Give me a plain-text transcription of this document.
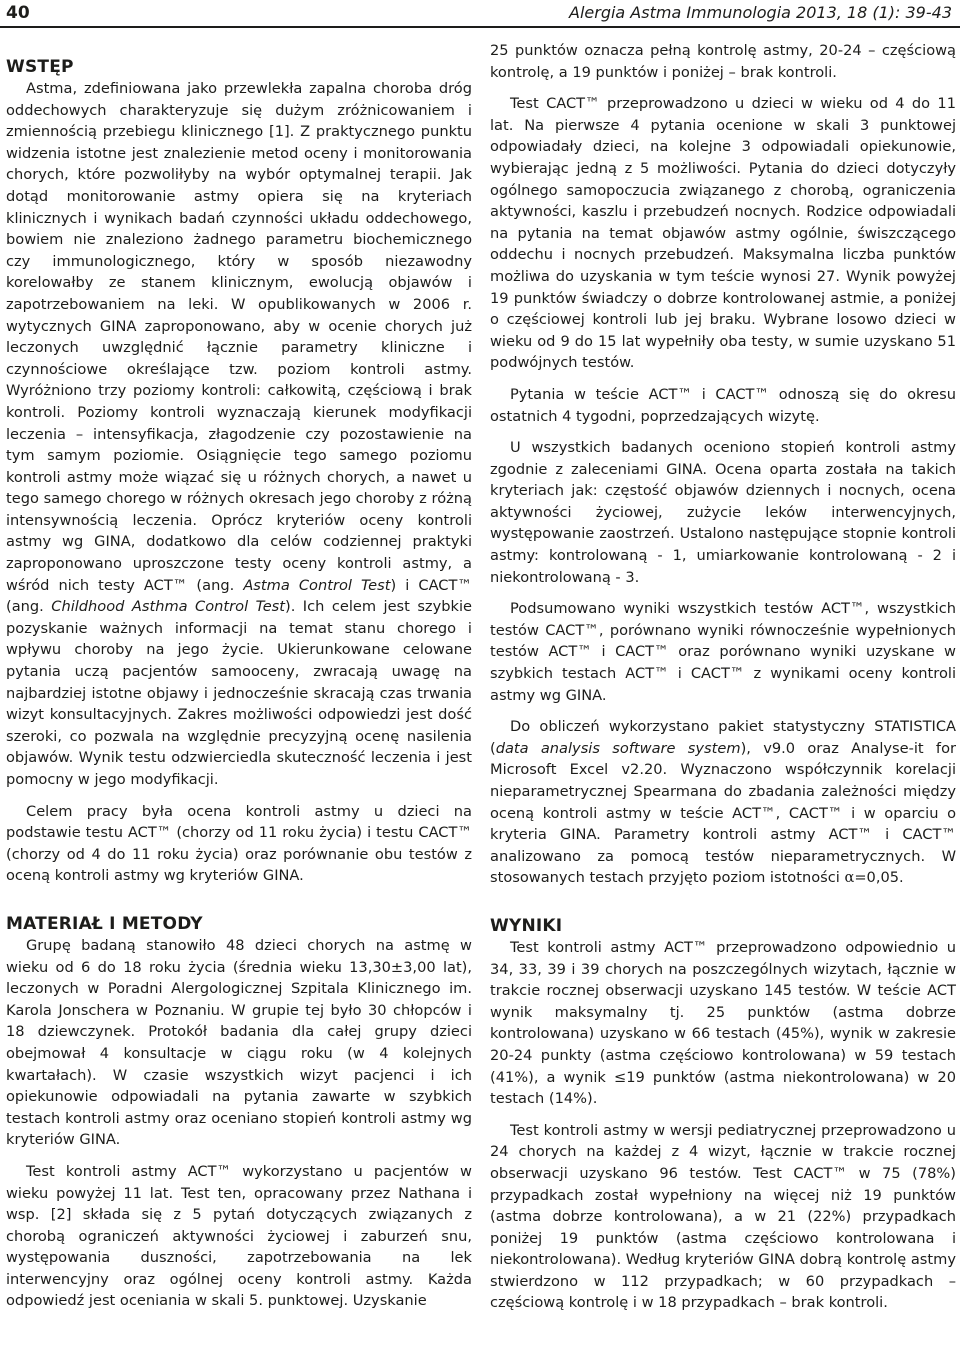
40	Alergia Astma Immunologia 2013, 18 (1): 39-43
WSTĘP

Astma, zdefiniowana jako przewlekła zapalna choroba dróg oddechowych charakteryzuje się dużym zróżnicowaniem i zmiennością przebiegu klinicznego [1]. Z praktycznego punktu widzenia istotne jest znalezienie metod oceny i monitorowania chorych, które pozwoliłyby na wybór optymalnej terapii. Jak dotąd monitorowanie astmy opiera się na kryteriach klinicznych i wynikach badań czynności układu oddechowego, bowiem nie znaleziono żadnego parametru biochemicznego czy immunologicznego, który w sposób niezawodny korelowałby ze stanem klinicznym, ewolucją objawów i zapotrzebowaniem na leki. W opublikowanych w 2006 r. wytycznych GINA zaproponowano, aby w ocenie chorych już leczonych uwzględnić łącznie parametry kliniczne i czynnościowe określające tzw. poziom kontroli astmy. Wyróżniono trzy poziomy kontroli: całkowitą, częściową i brak kontroli. Poziomy kontroli wyznaczają kierunek modyfikacji leczenia – intensyfikacja, złagodzenie czy pozostawienie na tym samym poziomie. Osiągnięcie tego samego poziomu kontroli astmy może wiązać się u różnych chorych, a nawet u tego samego chorego w różnych okresach jego choroby z różną intensywnością leczenia. Oprócz kryteriów oceny kontroli astmy wg GINA, dodatkowo dla celów codziennej praktyki zaproponowano uproszczone testy oceny kontroli astmy, a wśród nich testy ACT™ (ang. Astma Control Test) i CACT™ (ang. Childhood Asthma Control Test). Ich celem jest szybkie pozyskanie ważnych informacji na temat stanu chorego i wpływu choroby na jego życie. Ukierunkowane celowane pytania uczą pacjentów samooceny, zwracają uwagę na najbardziej istotne objawy i jednocześnie skracają czas trwania wizyt konsultacyjnych. Zakres możliwości odpowiedzi jest dość szeroki, co pozwala na względnie precyzyjną ocenę nasilenia objawów. Wynik testu odzwierciedla skuteczność leczenia i jest pomocny w jego modyfikacji.

Celem pracy była ocena kontroli astmy u dzieci na podstawie testu ACT™ (chorzy od 11 roku życia) i testu CACT™ (chorzy od 4 do 11 roku życia) oraz porównanie obu testów z oceną kontroli astmy wg kryteriów GINA.

MATERIAŁ I METODY

Grupę badaną stanowiło 48 dzieci chorych na astmę w wieku od 6 do 18 roku życia (średnia wieku 13,30±3,00 lat), leczonych w Poradni Alergologicznej Szpitala Klinicznego im. Karola Jonschera w Poznaniu. W grupie tej było 30 chłopców i 18 dziewczynek. Protokół badania dla całej grupy dzieci obejmował 4 konsultacje w ciągu roku (w 4 kolejnych kwartałach). W czasie wszystkich wizyt pacjenci i ich opiekunowie odpowiadali na pytania zawarte w szybkich testach kontroli astmy oraz oceniano stopień kontroli astmy wg kryteriów GINA.

Test kontroli astmy ACT™ wykorzystano u pacjentów w wieku powyżej 11 lat. Test ten, opracowany przez Nathana i wsp. [2] składa się z 5 pytań dotyczących związanych z chorobą ograniczeń aktywności życiowej i zaburzeń snu, występowania duszności, zapotrzebowania na lek interwencyjny oraz ogólnej oceny kontroli astmy. Każda odpowiedź jest oceniania w skali 5. punktowej. Uzyskanie

25 punktów oznacza pełną kontrolę astmy, 20-24 – częściową kontrolę, a 19 punktów i poniżej – brak kontroli.

Test CACT™ przeprowadzono u dzieci w wieku od 4 do 11 lat. Na pierwsze 4 pytania ocenione w skali 3 punktowej odpowiadały dzieci, na kolejne 3 odpowiadali opiekunowie, wybierając jedną z 5 możliwości. Pytania do dzieci dotyczyły ogólnego samopoczucia związanego z chorobą, ograniczenia aktywności, kaszlu i przebudzeń nocnych. Rodzice odpowiadali na pytania na temat objawów astmy ogólnie, świszczącego oddechu i nocnych przebudzeń. Maksymalna liczba punktów możliwa do uzyskania w tym teście wynosi 27. Wynik powyżej 19 punktów świadczy o dobrze kontrolowanej astmie, a poniżej o częściowej kontroli lub jej braku. Wybrane losowo dzieci w wieku od 9 do 15 lat wypełniły oba testy, w sumie uzyskano 51 podwójnych testów.

Pytania w teście ACT™ i CACT™ odnoszą się do okresu ostatnich 4 tygodni, poprzedzających wizytę.

U wszystkich badanych oceniono stopień kontroli astmy zgodnie z zaleceniami GINA. Ocena oparta została na takich kryteriach jak: częstość objawów dziennych i nocnych, ocena aktywności życiowej, zużycie leków interwencyjnych, występowanie zaostrzeń. Ustalono następujące stopnie kontroli astmy: kontrolowaną - 1, umiarkowanie kontrolowaną - 2 i niekontrolowaną - 3.

Podsumowano wyniki wszystkich testów ACT™, wszystkich testów CACT™, porównano wyniki równocześnie wypełnionych testów ACT™ i CACT™ oraz porównano wyniki uzyskane w szybkich testach ACT™ i CACT™ z wynikami oceny kontroli astmy wg GINA.

Do obliczeń wykorzystano pakiet statystyczny STATISTICA (data analysis software system), v9.0 oraz Analyse-it for Microsoft Excel v2.20. Wyznaczono współczynnik korelacji nieparametrycznej Spearmana do zbadania zależności między oceną kontroli astmy w teście ACT™, CACT™ i w oparciu o kryteria GINA. Parametry kontroli astmy ACT™ i CACT™ analizowano za pomocą testów nieparametrycznych. W stosowanych testach przyjęto poziom istotności α=0,05.

WYNIKI

Test kontroli astmy ACT™ przeprowadzono odpowiednio u 34, 33, 39 i 39 chorych na poszczególnych wizytach, łącznie w trakcie rocznej obserwacji uzyskano 145 testów. W teście ACT wynik maksymalny tj. 25 punktów (astma dobrze kontrolowana) uzyskano w 66 testach (45%), wynik w zakresie 20-24 punkty (astma częściowo kontrolowana) w 59 testach (41%), a wynik ≤19 punktów (astma niekontrolowana) w 20 testach (14%).

Test kontroli astmy w wersji pediatrycznej przeprowadzono u 24 chorych na każdej z 4 wizyt, łącznie w trakcie rocznej obserwacji uzyskano 96 testów. Test CACT™ w 75 (78%) przypadkach został wypełniony na więcej niż 19 punktów (astma dobrze kontrolowana), a w 21 (22%) przypadkach poniżej 19 punktów (astma częściowo kontrolowana i niekontrolowana). Według kryteriów GINA dobrą kontrolę astmy stwierdzono w 112 przypadkach; w 60 przypadkach – częściową kontrolę i w 18 przypadkach – brak kontroli.
